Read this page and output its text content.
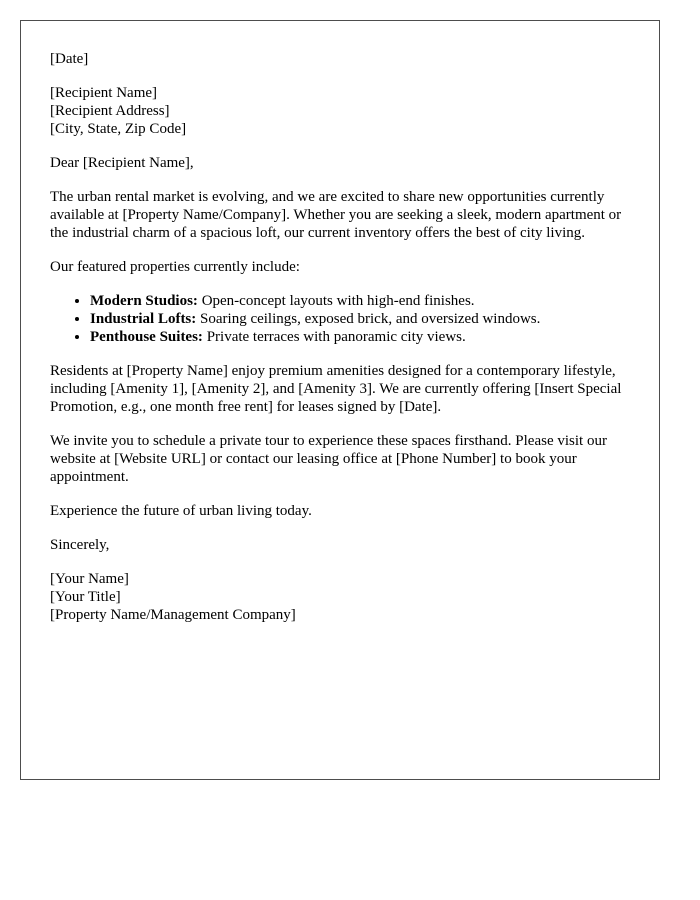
[Date]

[Recipient Name]
[Recipient Address]
[City, State, Zip Code]

Dear [Recipient Name],

The urban rental market is evolving, and we are excited to share new opportunities currently available at [Property Name/Company]. Whether you are seeking a sleek, modern apartment or the industrial charm of a spacious loft, our current inventory offers the best of city living.

Our featured properties currently include:

• Modern Studios: Open-concept layouts with high-end finishes.
• Industrial Lofts: Soaring ceilings, exposed brick, and oversized windows.
• Penthouse Suites: Private terraces with panoramic city views.

Residents at [Property Name] enjoy premium amenities designed for a contemporary lifestyle, including [Amenity 1], [Amenity 2], and [Amenity 3]. We are currently offering [Insert Special Promotion, e.g., one month free rent] for leases signed by [Date].

We invite you to schedule a private tour to experience these spaces firsthand. Please visit our website at [Website URL] or contact our leasing office at [Phone Number] to book your appointment.

Experience the future of urban living today.

Sincerely,

[Your Name]
[Your Title]
[Property Name/Management Company]
